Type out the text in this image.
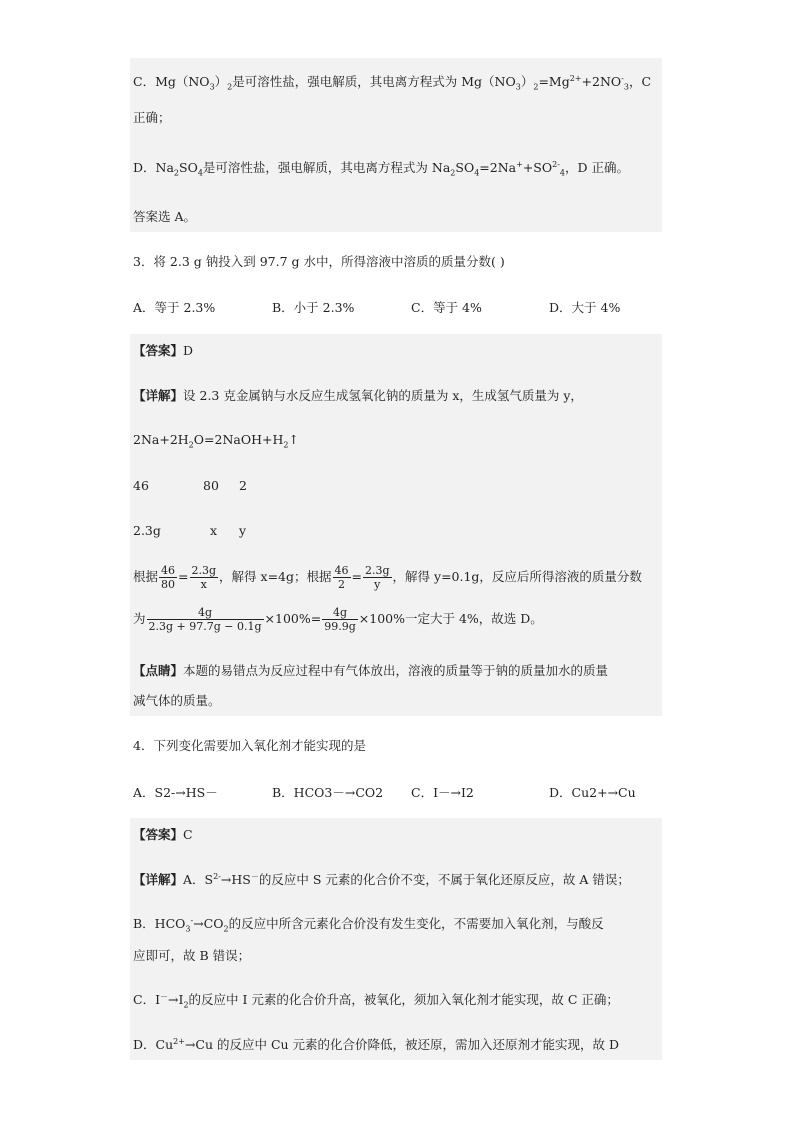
C．$Mg(NO_3)_2$是可溶性盐，强电解质，其电离方程式为 $Mg(NO_3)_2=Mg^{2+}+2NO^-_3$，C
正确；
D．$Na_2SO_4$是可溶性盐，强电解质，其电离方程式为 $Na_2SO_4=2Na^++SO^{2-}_4$，D 正确。
答案选 A。
3．将 2.3 g 钠投入到 97.7 g 水中，所得溶液中溶质的质量分数( )
A．等于 2.3%	B．小于 2.3%	C．等于 4%	D．大于 4%
【答案】D
【详解】设 2.3 克金属钠与水反应生成氢氧化钠的质量为 x，生成氢气质量为 y，
$2Na+2H_2O=2NaOH+H_2↑$
46	80 2
2.3g	x y
根据 $\frac{46}{80} = \frac{2.3g}{x}$ ，解得 x=4g；根据 $\frac{46}{2} = \frac{2.3g}{y}$ ，解得 y=0.1g，反应后所得溶液的质量分数
为 $\frac{4g}{2.3g + 97.7g - 0.1g} \times 100\%= \frac{4g}{99.9g} \times 100\%$一定大于 4%，故选 D。
【点睛】本题的易错点为反应过程中有气体放出，溶液的质量等于钠的质量加水的质量
减气体的质量。
4．下列变化需要加入氧化剂才能实现的是
A．S2-→HS－	B．HCO3－→CO2 C．I－→I2	D．Cu2+→Cu
【答案】C
【详解】A．$S^{2-}\to HS^-$的反应中 S 元素的化合价不变，不属于氧化还原反应，故 A 错误；
B．$HCO_3^-\to CO_2$的反应中所含元素化合价没有发生变化，不需要加入氧化剂，与酸反
应即可，故 B 错误；
C．$I^-\to I_2$的反应中 I 元素的化合价升高，被氧化，须加入氧化剂才能实现，故 C 正确；
D．$Cu^{2+}\to Cu$ 的反应中 Cu 元素的化合价降低，被还原，需加入还原剂才能实现，故 D
